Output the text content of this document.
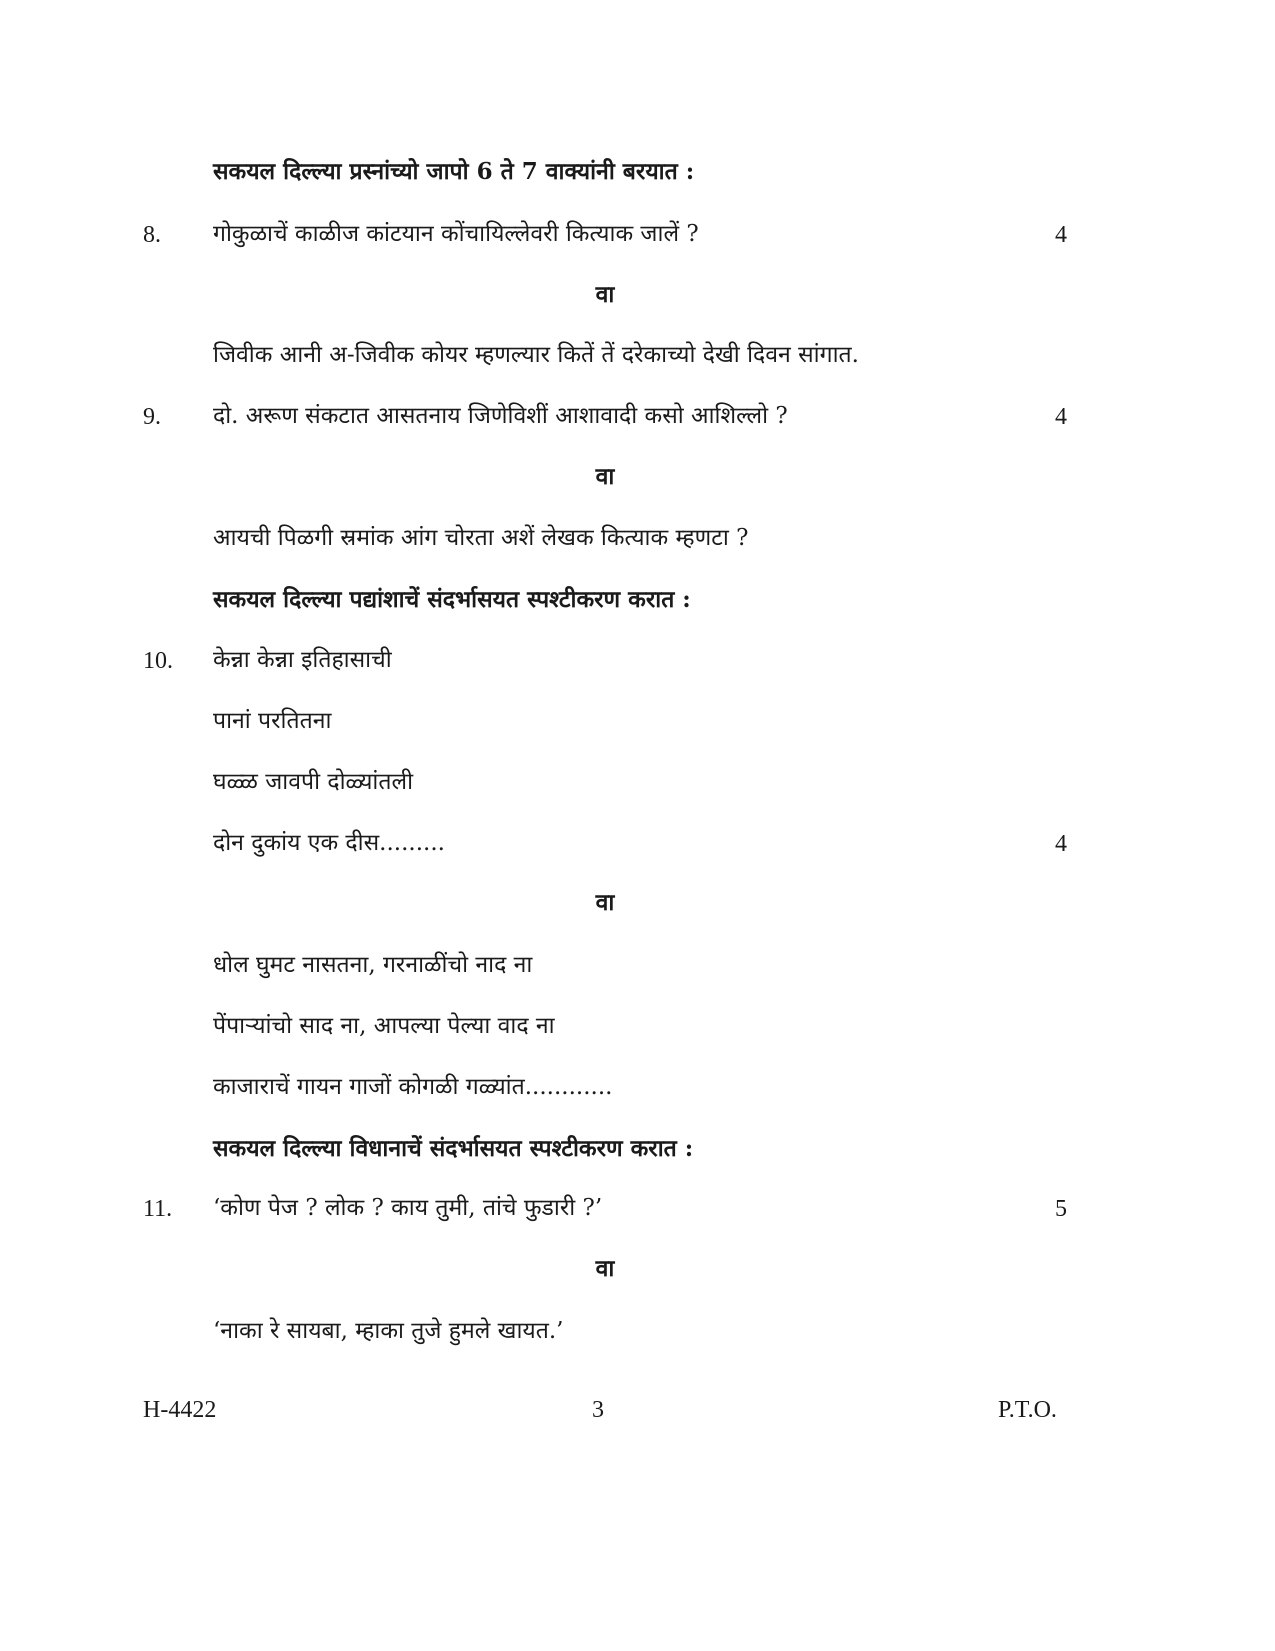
सकयल दिल्ल्या प्रस्नांच्यो जापो 6 ते 7 वाक्यांनी बरयात :
8. गोकुळाचें काळीज कांटयान कोंचायिल्लेवरी कित्याक जालें ?	4
वा
जिवीक आनी अ-जिवीक कोयर म्हणल्यार कितें तें दरेकाच्यो देखी दिवन सांगात.
9. दो. अरूण संकटात आसतनाय जिणेविशीं आशावादी कसो आशिल्लो ?	4
वा
आयची पिळगी स्रमांक आंग चोरता अशें लेखक कित्याक म्हणटा ?
सकयल दिल्ल्या पद्यांशाचें संदर्भासयत स्पश्टीकरण करात :
10. केन्ना केन्ना इतिहासाची
पानां परतितना
घळ्ळ जावपी दोळ्यांतली
दोन दुकांय एक दीस.........	4
वा
धोल घुमट नासतना, गरनाळींचो नाद ना
पेंपाऱ्यांचो साद ना, आपल्या पेल्या वाद ना
काजाराचें गायन गाजों कोगळी गळ्यांत............
सकयल दिल्ल्या विधानाचें संदर्भासयत स्पश्टीकरण करात :
11. ‘कोण पेज ? लोक ? काय तुमी, तांचे फुडारी ?’	5
वा
‘नाका रे सायबा, म्हाका तुजे हुमले खायत.’
H-4422	3	P.T.O.
